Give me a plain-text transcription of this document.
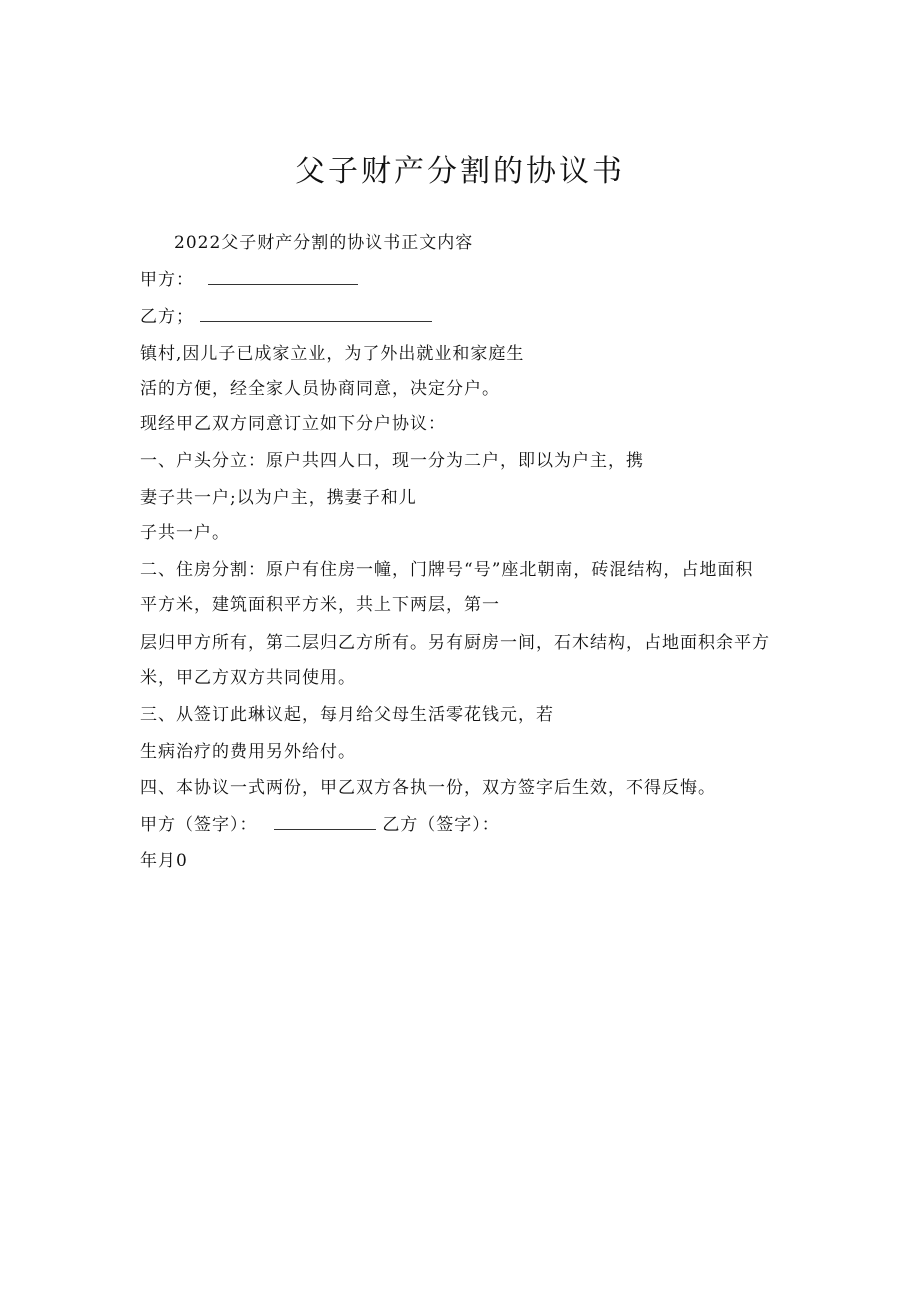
父子财产分割的协议书
2022父子财产分割的协议书正文内容
甲方：
乙方；
镇村,因儿子已成家立业，为了外出就业和家庭生
活的方便，经全家人员协商同意，决定分户。
现经甲乙双方同意订立如下分户协议：
一、户头分立：原户共四人口，现一分为二户，即以为户主，携
妻子共一户;以为户主，携妻子和儿
子共一户。
二、住房分割：原户有住房一幢，门牌号“号”座北朝南，砖混结构，占地面积
平方米，建筑面积平方米，共上下两层，第一
层归甲方所有，第二层归乙方所有。另有厨房一间，石木结构，占地面积余平方
米，甲乙方双方共同使用。
三、从签订此琳议起，每月给父母生活零花钱元，若
生病治疗的费用另外给付。
四、本协议一式两份，甲乙双方各执一份，双方签字后生效，不得反悔。
甲方（签字）：	乙方（签字）：
年月0
